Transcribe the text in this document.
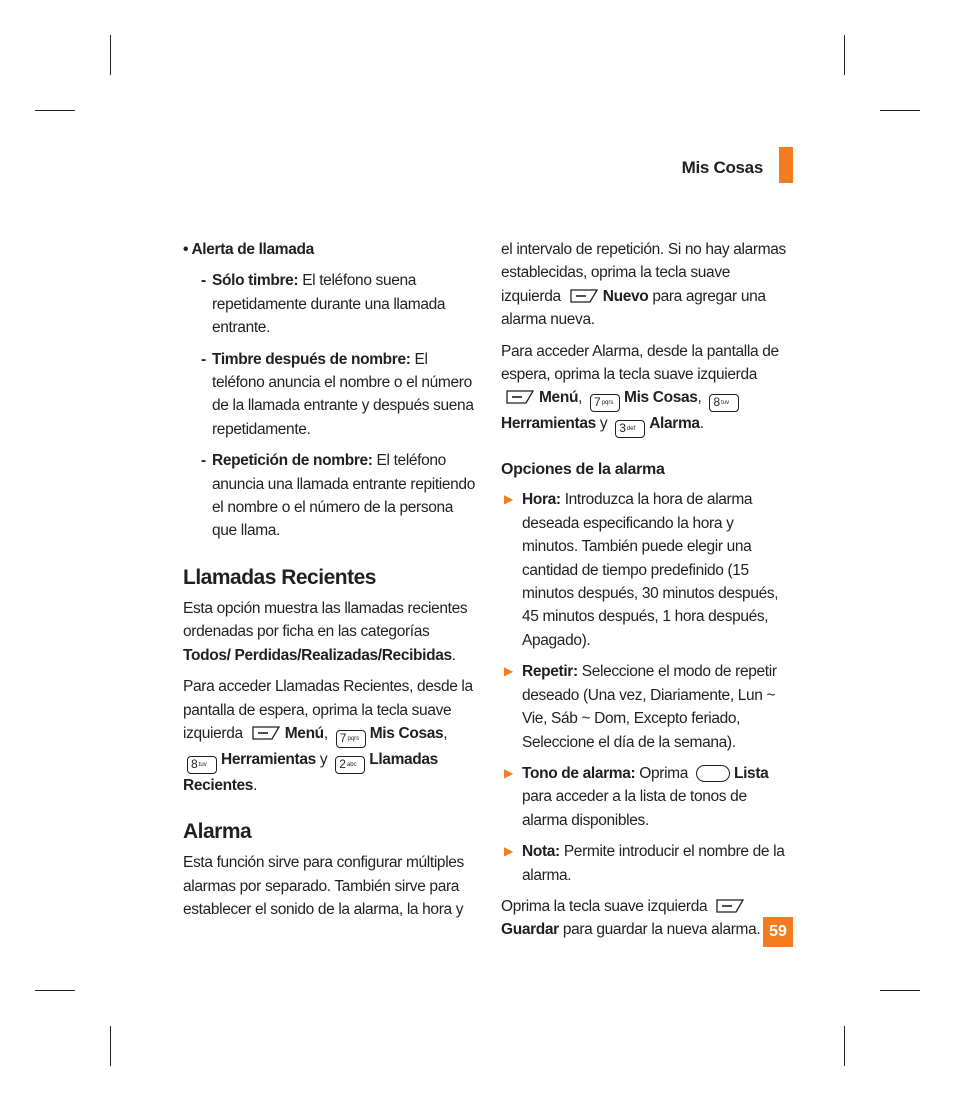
Mis Cosas

• Alerta de llamada

- Sólo timbre: El teléfono suena repetidamente durante una llamada entrante.

- Timbre después de nombre: El teléfono anuncia el nombre o el número de la llamada entrante y después suena repetidamente.

- Repetición de nombre: El teléfono anuncia una llamada entrante repitiendo el nombre o el número de la persona que llama.

Llamadas Recientes

Esta opción muestra las llamadas recientes ordenadas por ficha en las categorías Todos/ Perdidas/Realizadas/Recibidas.

Para acceder Llamadas Recientes, desde la pantalla de espera, oprima la tecla suave izquierda	Menú, 7pqrs Mis Cosas, 8tuv Herramientas y 2abc Llamadas Recientes.

Alarma

Esta función sirve para configurar múltiples alarmas por separado. También sirve para establecer el sonido de la alarma, la hora y

el intervalo de repetición. Si no hay alarmas establecidas, oprima la tecla suave izquierda	Nuevo para agregar una alarma nueva.

Para acceder Alarma, desde la pantalla de espera, oprima la tecla suave izquierda Menú, 7pqrs Mis Cosas, 8tuvHerramientas y 3def Alarma.

Opciones de la alarma

▶ Hora: Introduzca la hora de alarma deseada especificando la hora y minutos. También puede elegir una cantidad de tiempo predefinido (15 minutos después, 30 minutos después, 45 minutos después, 1 hora después, Apagado).

▶ Repetir: Seleccione el modo de repetir deseado (Una vez, Diariamente, Lun ~ Vie, Sáb ~ Dom, Excepto feriado, Seleccione el día de la semana).

▶ Tono de alarma: Oprima	Lista para acceder a la lista de tonos de alarma disponibles.

▶ Nota: Permite introducir el nombre de la alarma.

Oprima la tecla suave izquierda Guardar para guardar la nueva alarma. 59
